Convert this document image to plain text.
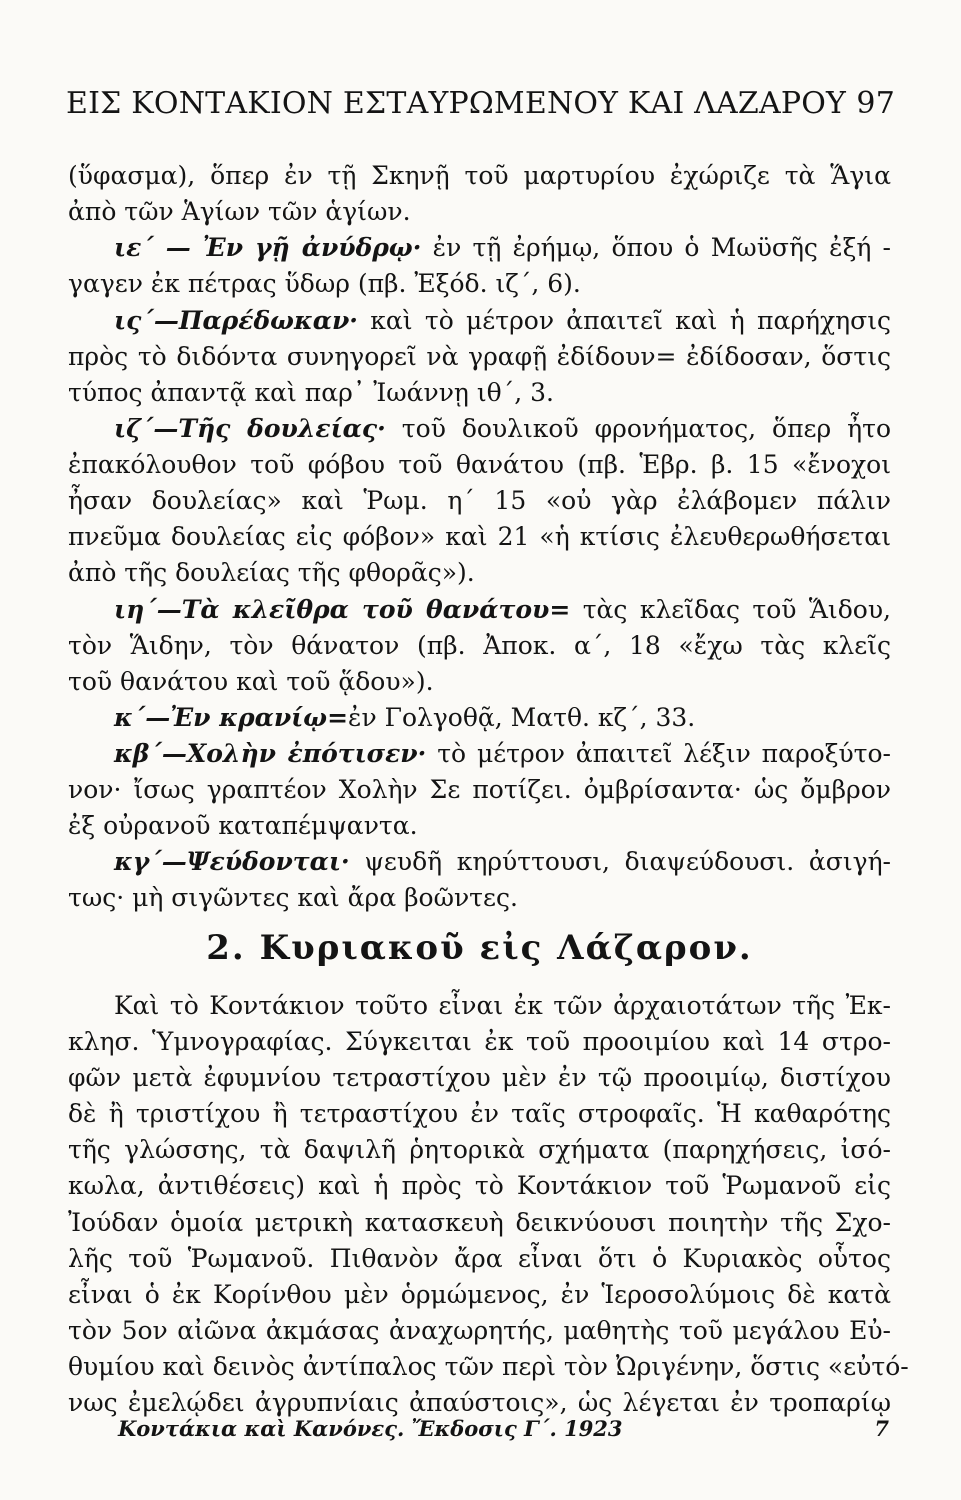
ΕΙΣ ΚΟΝΤΑΚΙΟΝ ΕΣΤΑΥΡΩΜΕΝΟΥ ΚΑΙ ΛΑΖΑΡΟΥ 97
(ὕφασμα), ὅπερ ἐν τῇ Σκηνῇ τοῦ μαρτυρίου ἐχώριζε τὰ Ἅγια
ἀπὸ τῶν Ἁγίων τῶν ἁγίων.
ιε΄ — Ἐν γῇ ἀνύδρῳ· ἐν τῇ ἐρήμῳ, ὅπου ὁ Μωϋσῆς ἐξή -
γαγεν ἐκ πέτρας ὕδωρ (πβ. Ἐξόδ. ιζ΄, 6).
ις΄—Παρέδωκαν· καὶ τὸ μέτρον ἀπαιτεῖ καὶ ἡ παρήχησις
πρὸς τὸ διδόντα συνηγορεῖ νὰ γραφῇ ἐδίδουν= ἐδίδοσαν, ὅστις
τύπος ἀπαντᾷ καὶ παρ᾽ Ἰωάννῃ ιθ΄, 3.
ιζ΄—Τῆς δουλείας· τοῦ δουλικοῦ φρονήματος, ὅπερ ἦτο
ἐπακόλουθον τοῦ φόβου τοῦ θανάτου (πβ. Ἑβρ. β. 15 «ἔνοχοι
ἦσαν δουλείας» καὶ Ῥωμ. η΄ 15 «οὐ γὰρ ἐλάβομεν πάλιν
πνεῦμα δουλείας εἰς φόβον» καὶ 21 «ἡ κτίσις ἐλευθερωθήσεται
ἀπὸ τῆς δουλείας τῆς φθορᾶς»).
ιη΄—Τὰ κλεῖθρα τοῦ θανάτου= τὰς κλεῖδας τοῦ Ἅιδου,
τὸν Ἅιδην, τὸν θάνατον (πβ. Ἀποκ. α΄, 18 «ἔχω τὰς κλεῖς
τοῦ θανάτου καὶ τοῦ ᾅδου»).
κ΄—Ἐν κρανίῳ=ἐν Γολγοθᾷ, Ματθ. κζ΄, 33.
κβ΄—Χολὴν ἐπότισεν· τὸ μέτρον ἀπαιτεῖ λέξιν παροξύτο-
νον· ἴσως γραπτέον Χολὴν Σε ποτίζει. ὀμβρίσαντα· ὡς ὄμβρον
ἐξ οὐρανοῦ καταπέμψαντα.
κγ΄—Ψεύδονται· ψευδῆ κηρύττουσι, διαψεύδουσι. ἀσιγή-
τως· μὴ σιγῶντες καὶ ἄρα βοῶντες.
2. Κυριακοῦ εἰς Λάζαρον.
Καὶ τὸ Κοντάκιον τοῦτο εἶναι ἐκ τῶν ἀρχαιοτάτων τῆς Ἐκ-
κλησ. Ὑμνογραφίας. Σύγκειται ἐκ τοῦ προοιμίου καὶ 14 στρο-
φῶν μετὰ ἐφυμνίου τετραστίχου μὲν ἐν τῷ προοιμίῳ, διστίχου
δὲ ἢ τριστίχου ἢ τετραστίχου ἐν ταῖς στροφαῖς. Ἡ καθαρότης
τῆς γλώσσης, τὰ δαψιλῆ ῥητορικὰ σχήματα (παρηχήσεις, ἰσό-
κωλα, ἀντιθέσεις) καὶ ἡ πρὸς τὸ Κοντάκιον τοῦ Ῥωμανοῦ εἰς
Ἰούδαν ὁμοία μετρικὴ κατασκευὴ δεικνύουσι ποιητὴν τῆς Σχο-
λῆς τοῦ Ῥωμανοῦ. Πιθανὸν ἄρα εἶναι ὅτι ὁ Κυριακὸς οὗτος
εἶναι ὁ ἐκ Κορίνθου μὲν ὁρμώμενος, ἐν Ἱεροσολύμοις δὲ κατὰ
τὸν 5ον αἰῶνα ἀκμάσας ἀναχωρητής, μαθητὴς τοῦ μεγάλου Εὐ-
θυμίου καὶ δεινὸς ἀντίπαλος τῶν περὶ τὸν Ὠριγένην, ὅστις «εὐτό-
νως ἐμελῴδει ἀγρυπνίαις ἀπαύστοις», ὡς λέγεται ἐν τροπαρίῳ
Κοντάκια καὶ Κανόνες. Ἔκδοσις Γ΄. 1923	7
